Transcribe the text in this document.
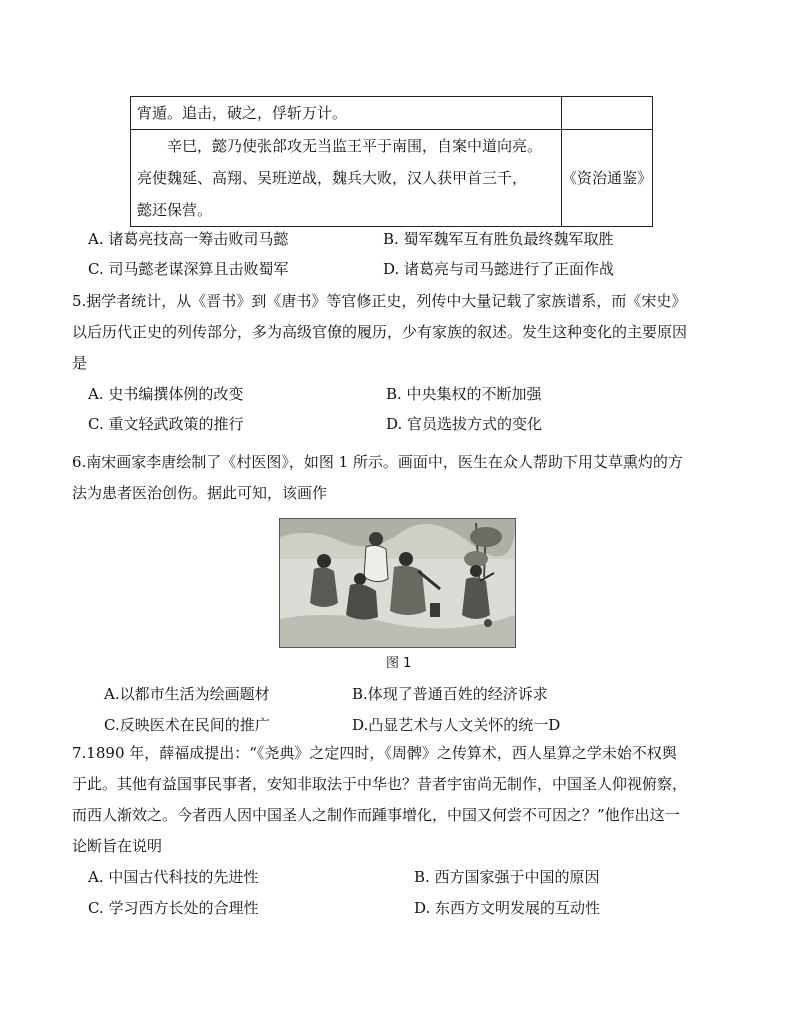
宵遁。追击，破之，俘斩万计。	

辛巳，懿乃使张郃攻无当监王平于南围，自案中道向亮。
亮使魏延、高翔、吴班逆战，魏兵大败，汉人获甲首三千，
懿还保营。	《资治通鉴》
A. 诸葛亮技高一筹击败司马懿	B. 蜀军魏军互有胜负最终魏军取胜
C. 司马懿老谋深算且击败蜀军	D. 诸葛亮与司马懿进行了正面作战
5.据学者统计，从《晋书》到《唐书》等官修正史，列传中大量记载了家族谱系，而《宋史》
以后历代正史的列传部分，多为高级官僚的履历，少有家族的叙述。发生这种变化的主要原因
是
A. 史书编撰体例的改变	B. 中央集权的不断加强
C. 重文轻武政策的推行	D. 官员选拔方式的变化
6.南宋画家李唐绘制了《村医图》，如图 1 所示。画面中，医生在众人帮助下用艾草熏灼的方
法为患者医治创伤。据此可知，该画作
图 1
A.以都市生活为绘画题材	B.体现了普通百姓的经济诉求
C.反映医术在民间的推广	D.凸显艺术与人文关怀的统一D
7.1890 年，薛福成提出：“《尧典》之定四时，《周髀》之传算术，西人星算之学未始不权舆
于此。其他有益国事民事者，安知非取法于中华也？昔者宇宙尚无制作，中国圣人仰视俯察，
而西人渐效之。今者西人因中国圣人之制作而踵事增化，中国又何尝不可因之？”他作出这一
论断旨在说明
A. 中国古代科技的先进性	B. 西方国家强于中国的原因
C. 学习西方长处的合理性	D. 东西方文明发展的互动性
